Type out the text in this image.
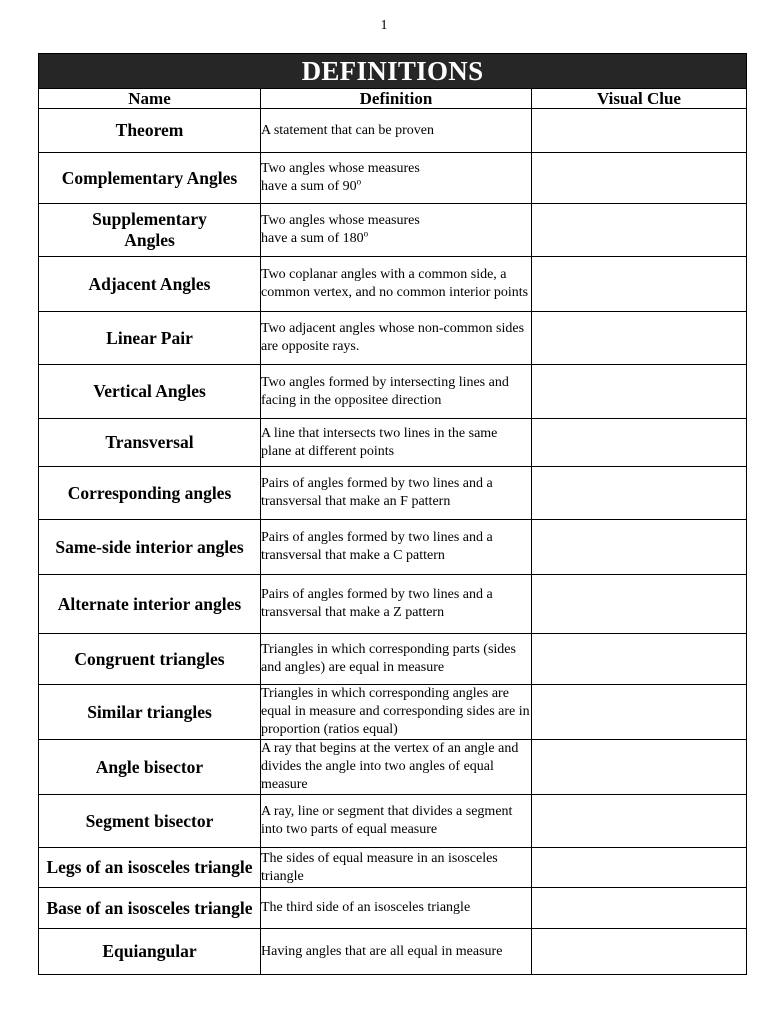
1
DEFINITIONS		
Name	Definition	Visual Clue
Theorem	A statement that can be proven	
Complementary Angles	Two angles whose measures
have a sum of 90$^o$	
Supplementary
Angles	Two angles whose measures
have a sum of 180$^o$	
Adjacent Angles	Two coplanar angles with a common side, a common vertex, and no common interior points	
Linear Pair	Two adjacent angles whose non-common sides are opposite rays.	
Vertical Angles	Two angles formed by intersecting lines and facing in the oppositee direction	
Transversal	A line that intersects two lines in the same plane at different points	
Corresponding angles	Pairs of angles formed by two lines and a transversal that make an F pattern	
Same-side interior angles	Pairs of angles formed by two lines and a transversal that make a C pattern	
Alternate interior angles	Pairs of angles formed by two lines and a transversal that make a Z pattern	
Congruent triangles	Triangles in which corresponding parts (sides and angles) are equal in measure	
Similar triangles	Triangles in which corresponding angles are equal in measure and corresponding sides are in proportion (ratios equal)	
Angle bisector	A ray that begins at the vertex of an angle and divides the angle into two angles of equal measure	
Segment bisector	A ray, line or segment that divides a segment into two parts of equal measure	
Legs of an isosceles triangle	The sides of equal measure in an isosceles triangle	
Base of an isosceles triangle	The third side of an isosceles triangle	
Equiangular	Having angles that are all equal in measure	
